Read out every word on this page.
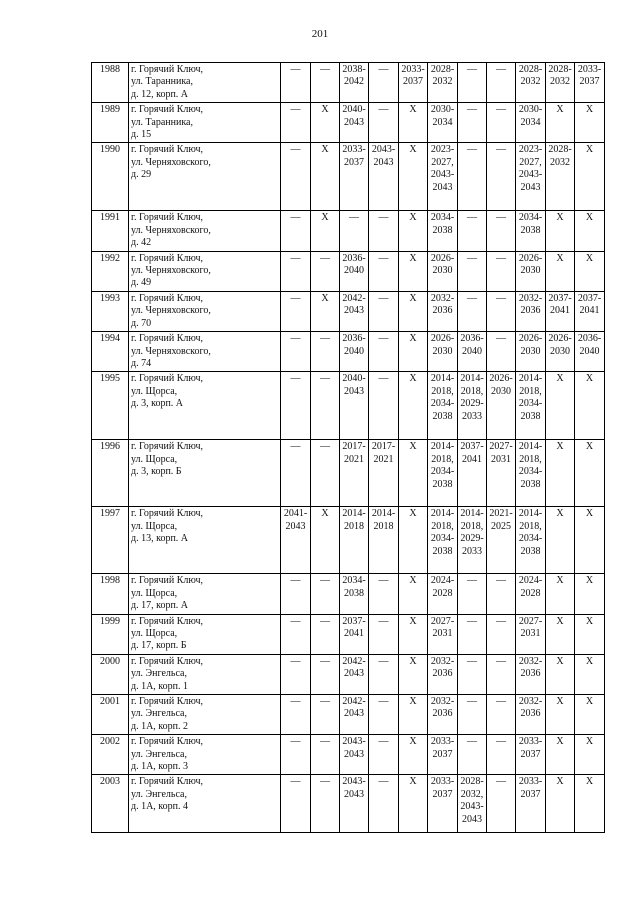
201
1988	г. Горячий Ключ,
ул. Таранника,
д. 12, корп. А	—	—	2038-
2042	—	2033-
2037	2028-
2032	—	—	2028-
2032	2028-
2032	2033-
2037

1989	г. Горячий Ключ,
ул. Таранника,
д. 15	—	X	2040-
2043	—	X	2030-
2034	—	—	2030-
2034	X	X

1990	г. Горячий Ключ,
ул. Черняховского,
д. 29	—	X	2033-
2037	2043-
2043	X	2023-
2027,
2043-
2043	—	—	2023-
2027,
2043-
2043	2028-
2032	X

1991	г. Горячий Ключ,
ул. Черняховского,
д. 42	—	X	—	—	X	2034-
2038	—	—	2034-
2038	X	X

1992	г. Горячий Ключ,
ул. Черняховского,
д. 49	—	—	2036-
2040	—	X	2026-
2030	—	—	2026-
2030	X	X

1993	г. Горячий Ключ,
ул. Черняховского,
д. 70	—	X	2042-
2043	—	X	2032-
2036	—	—	2032-
2036	2037-
2041	2037-
2041

1994	г. Горячий Ключ,
ул. Черняховского,
д. 74	—	—	2036-
2040	—	X	2026-
2030	2036-
2040	—	2026-
2030	2026-
2030	2036-
2040

1995	г. Горячий Ключ,
ул. Щорса,
д. 3, корп. А	—	—	2040-
2043	—	X	2014-
2018,
2034-
2038	2014-
2018,
2029-
2033	2026-
2030	2014-
2018,
2034-
2038	X	X

1996	г. Горячий Ключ,
ул. Щорса,
д. 3, корп. Б	—	—	2017-
2021	2017-
2021	X	2014-
2018,
2034-
2038	2037-
2041	2027-
2031	2014-
2018,
2034-
2038	X	X

1997	г. Горячий Ключ,
ул. Щорса,
д. 13, корп. А	2041-
2043	X	2014-
2018	2014-
2018	X	2014-
2018,
2034-
2038	2014-
2018,
2029-
2033	2021-
2025	2014-
2018,
2034-
2038	X	X

1998	г. Горячий Ключ,
ул. Щорса,
д. 17, корп. А	—	—	2034-
2038	—	X	2024-
2028	—	—	2024-
2028	X	X

1999	г. Горячий Ключ,
ул. Щорса,
д. 17, корп. Б	—	—	2037-
2041	—	X	2027-
2031	—	—	2027-
2031	X	X

2000	г. Горячий Ключ,
ул. Энгельса,
д. 1А, корп. 1	—	—	2042-
2043	—	X	2032-
2036	—	—	2032-
2036	X	X

2001	г. Горячий Ключ,
ул. Энгельса,
д. 1А, корп. 2	—	—	2042-
2043	—	X	2032-
2036	—	—	2032-
2036	X	X

2002	г. Горячий Ключ,
ул. Энгельса,
д. 1А, корп. 3	—	—	2043-
2043	—	X	2033-
2037	—	—	2033-
2037	X	X

2003	г. Горячий Ключ,
ул. Энгельса,
д. 1А, корп. 4	—	—	2043-
2043	—	X	2033-
2037	2028-
2032,
2043-
2043	—	2033-
2037	X	X
